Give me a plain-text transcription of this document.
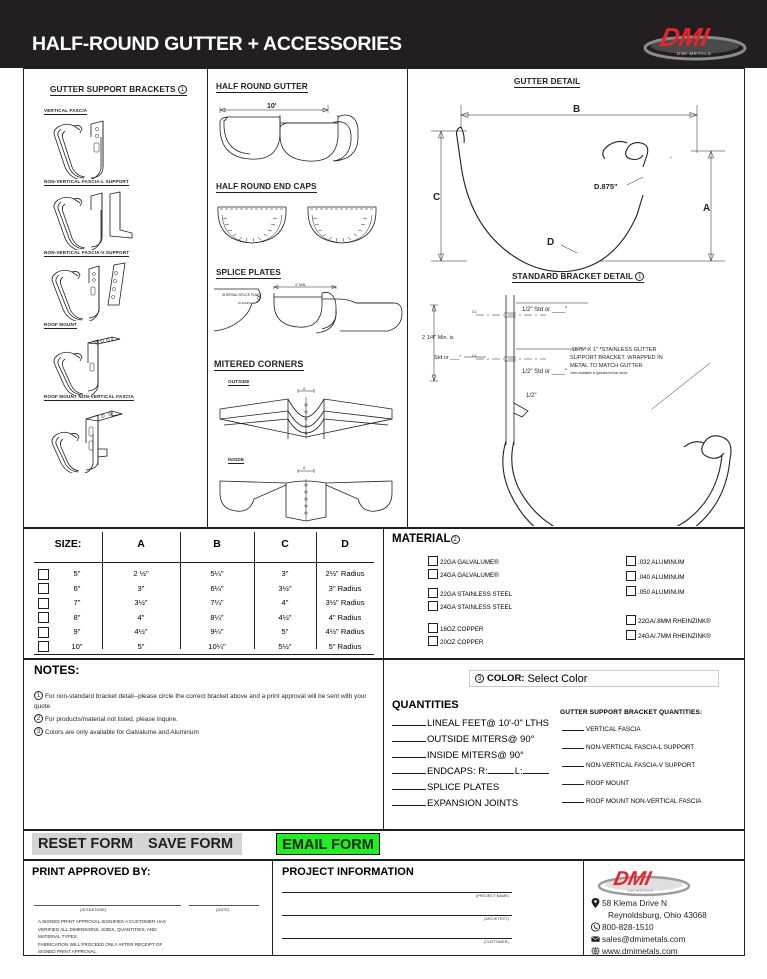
HALF-ROUND GUTTER + ACCESSORIES	DMI
DMI METALS
GUTTER SUPPORT BRACKETS 1
VERTICAL FASCIA
NON-VERTICAL FASCIA-L SUPPORT
NON-VERTICAL FASCIA-V SUPPORT
ROOF MOUNT
ROOF MOUNT NON-VERTICAL FASCIA
HALF ROUND GUTTER
10'
HALF ROUND END CAPS
SPLICE PLATES
INTERNAL SPLICE PLATE
8 HOLES
4" MIN.
MITERED CORNERS
OUTSIDE
A
INSIDE
A
GUTTER DETAIL
B
C
A
+
D.875"
D
STANDARD BRACKET DETAIL 1
2 1/4" Min. is
Std or ___"
CL
CL
1/2" Std or ____"
1/2" Std or ____"
1/2"
.1875" X 1" *STAINLESS GUTTER
SUPPORT BRACKET. WRAPPED IN
METAL TO MATCH GUTTER
*also available in galvanized bar stock
SIZE:	A	B	C	D
5"	2 ½"	5¼"	3"	2½" Radius
6"	3"	6¼"	3½"	3" Radius
7"	3½"	7¼"	4"	3½" Radius
8"	4"	8¼"	4½"	4" Radius
9"	4½"	9¼"	5"	4½" Radius
10"	5"	10¼"	5½"	5" Radius
MATERIAL 2
22GA GALVALUME®
24GA GALVALUME®
22GA STAINLESS STEEL
24GA STAINLESS STEEL
16OZ COPPER
20OZ COPPER
.032 ALUMINUM
.040 ALUMINUM
.050 ALUMINUM
22GA/.8MM RHEINZINK®
24GA/.7MM RHEINZINK®
NOTES:
1 For non-standard bracket detail--please circle the correct bracket above and a print approval will be sent with your quote
2 For products/material not listed, please inquire.
3 Colors are only available for Galvalume and Aluminum
3 COLOR: Select Color
QUANTITIES
LINEAL FEET@ 10'-0" LTHS
OUTSIDE MITERS@ 90°
INSIDE MITERS@ 90°
ENDCAPS: R:	L:
SPLICE PLATES
EXPANSION JOINTS
GUTTER SUPPORT BRACKET QUANTITIES:
VERTICAL FASCIA
NON-VERTICAL FASCIA-L SUPPORT
NON-VERTICAL FASCIA-V SUPPORT
ROOF MOUNT
ROOF MOUNT NON-VERTICAL FASCIA
RESET FORM	SAVE FORM	EMAIL FORM
PRINT APPROVED BY:
(SIGNATURE)	(DATE)
A SIGNED PRINT APPROVAL SIGNIFIES A CUSTOMER HAS
VERIFIED ALL DIMENSIONS, SIZES, QUANTITIES, AND
MATERIAL TYPES.
FABRICATION WILL PROCEED ONLY AFTER RECEIPT OF
SIGNED PRINT APPROVAL.
PROJECT INFORMATION
(PROJECT NAME)
(ARCHITECT)
(CUSTOMER)
DMI
DMI METALS
58 Klema Drive N
Reynoldsburg, Ohio 43068
800-828-1510
sales@dmimetals.com
www.dmimetals.com
